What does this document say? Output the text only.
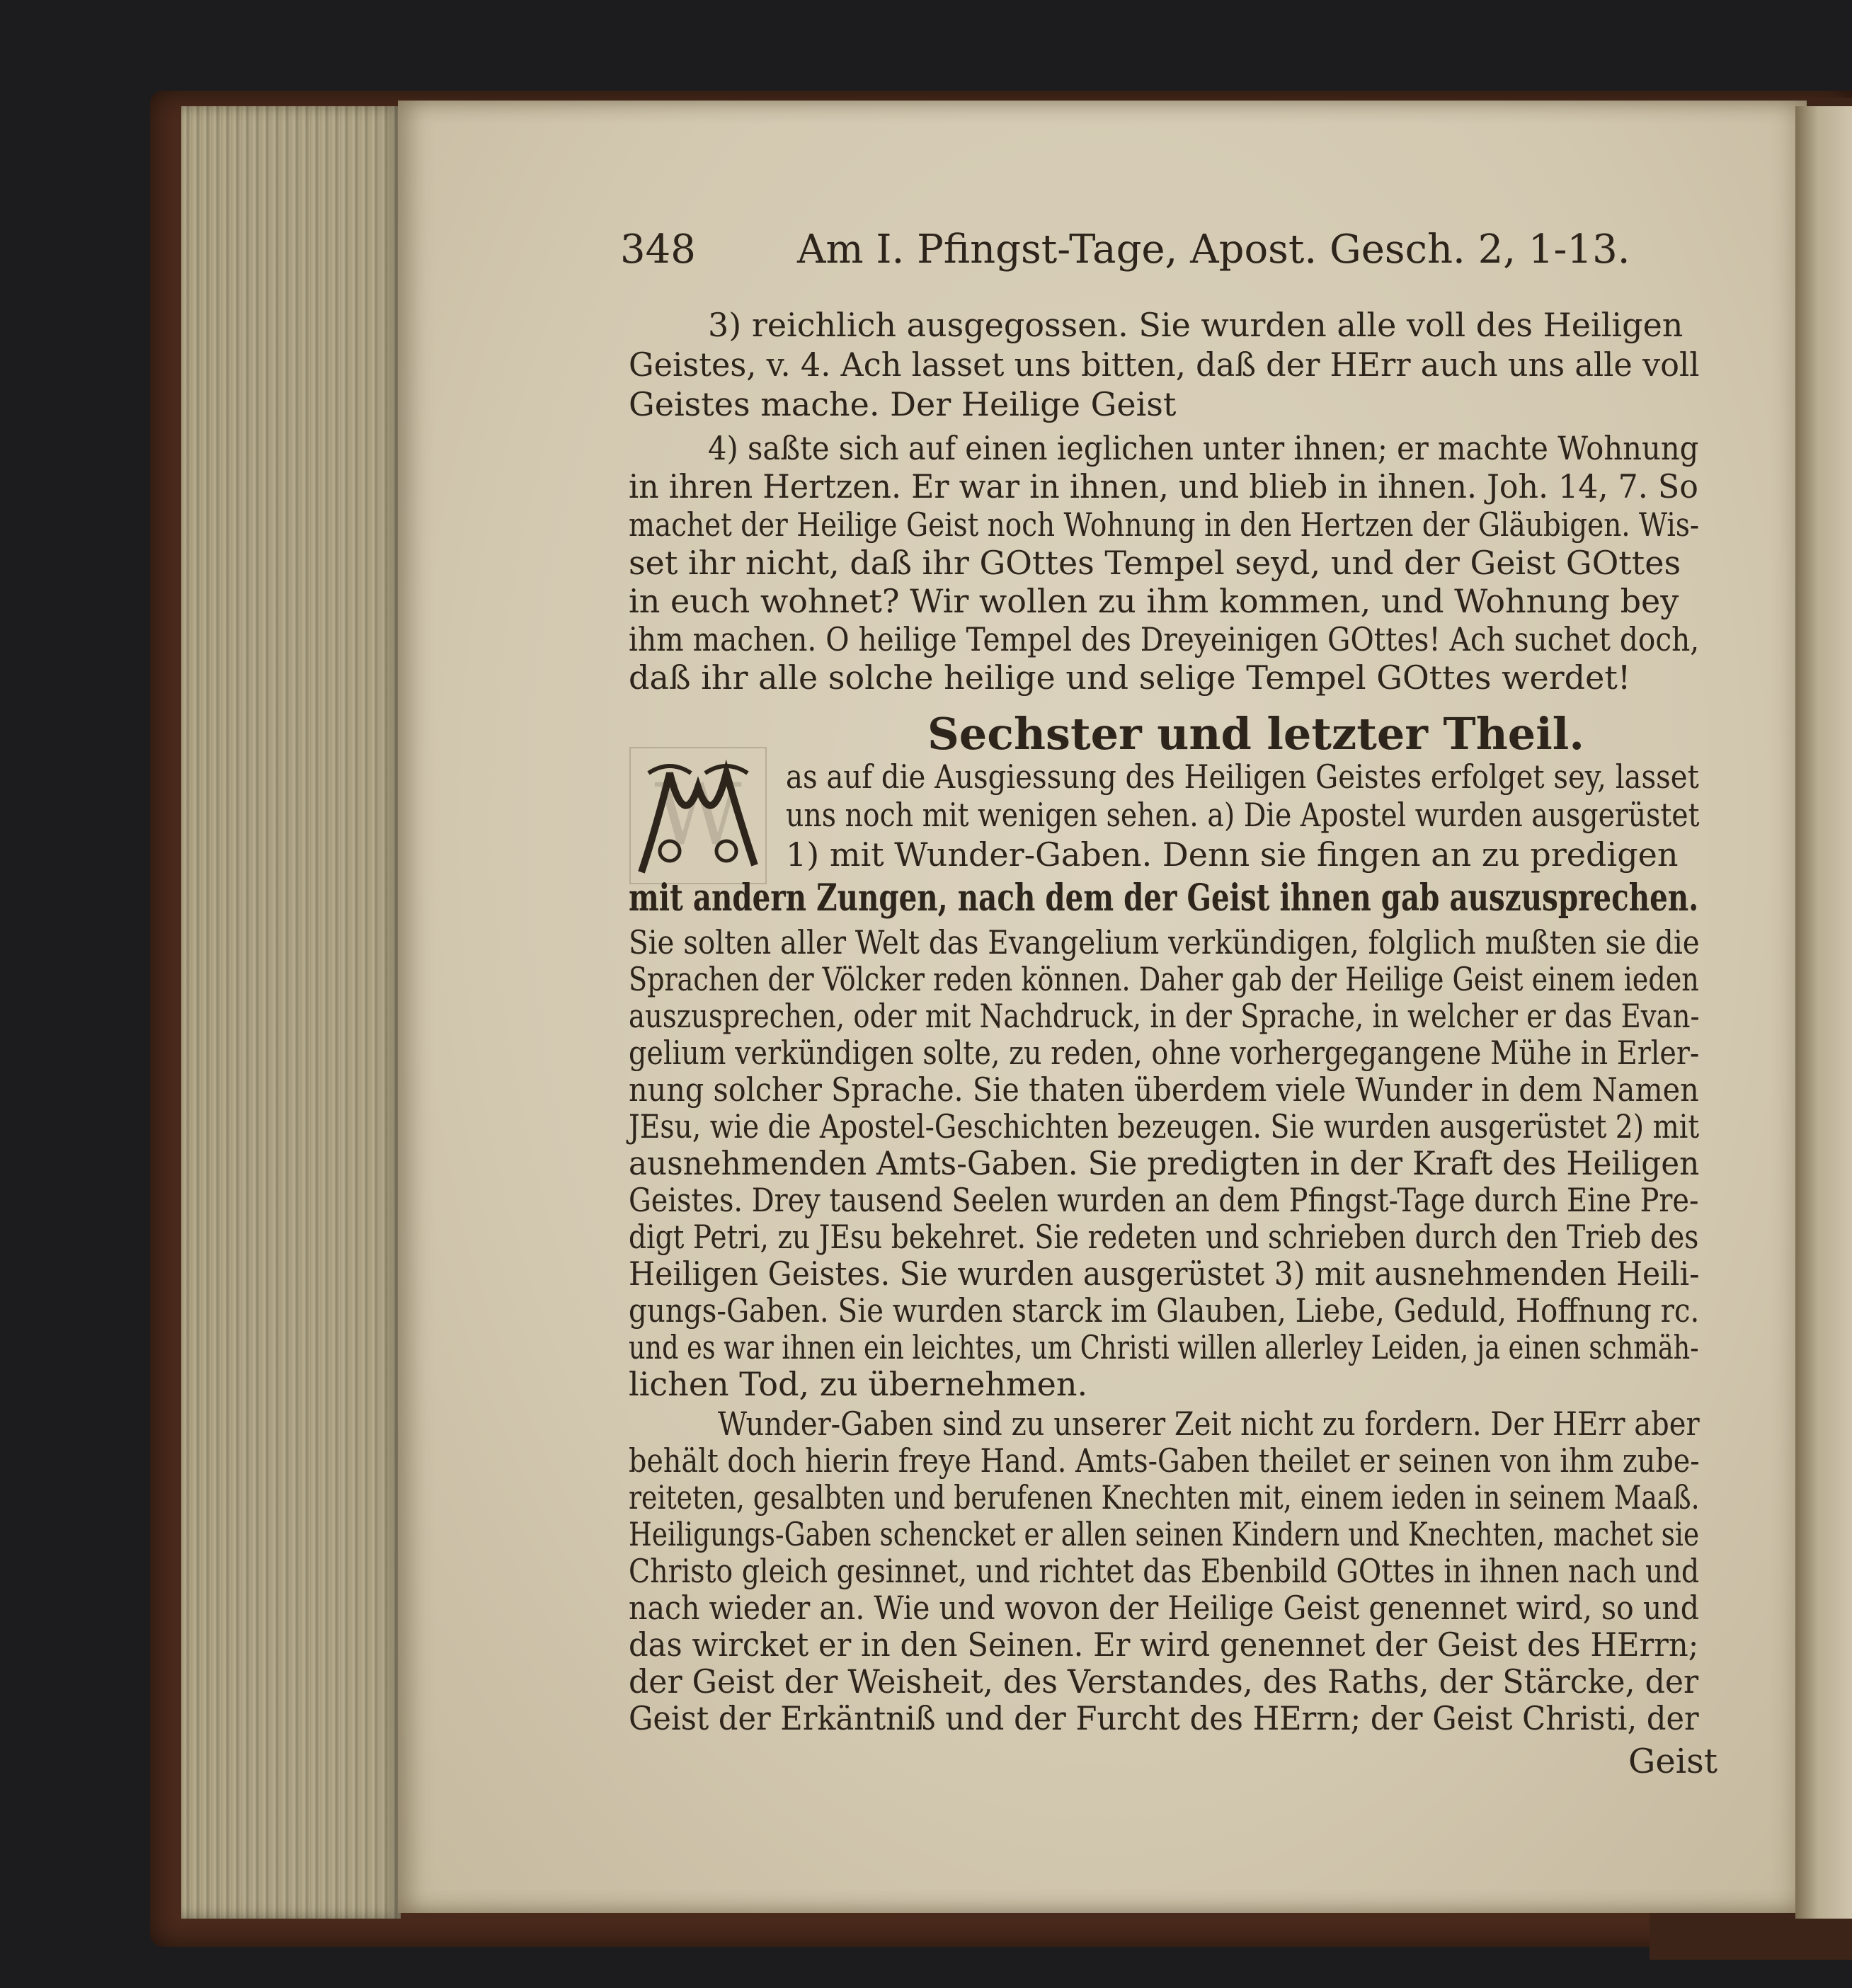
348	Am I. Pfingst-Tage, Apost. Gesch. 2, 1-13.
3) reichlich ausgegossen. Sie wurden alle voll des Heiligen
Geistes, v. 4. Ach lasset uns bitten, daß der HErr auch uns alle voll
Geistes mache. Der Heilige Geist
4) saßte sich auf einen ieglichen unter ihnen; er machte Wohnung
in ihren Hertzen. Er war in ihnen, und blieb in ihnen. Joh. 14, 7. So
machet der Heilige Geist noch Wohnung in den Hertzen der Gläubigen. Wis-
set ihr nicht, daß ihr GOttes Tempel seyd, und der Geist GOttes
in euch wohnet? Wir wollen zu ihm kommen, und Wohnung bey
ihm machen. O heilige Tempel des Dreyeinigen GOttes! Ach suchet doch,
daß ihr alle solche heilige und selige Tempel GOttes werdet!
Sechster und letzter Theil.
W as auf die Ausgiessung des Heiligen Geistes erfolget sey, lasset
uns noch mit wenigen sehen. a) Die Apostel wurden ausgerüstet
1) mit Wunder-Gaben. Denn sie fingen an zu predigen
mit andern Zungen, nach dem der Geist ihnen gab auszusprechen.
Sie solten aller Welt das Evangelium verkündigen, folglich mußten sie die
Sprachen der Völcker reden können. Daher gab der Heilige Geist einem ieden
auszusprechen, oder mit Nachdruck, in der Sprache, in welcher er das Evan-
gelium verkündigen solte, zu reden, ohne vorhergegangene Mühe in Erler-
nung solcher Sprache. Sie thaten überdem viele Wunder in dem Namen
JEsu, wie die Apostel-Geschichten bezeugen. Sie wurden ausgerüstet 2) mit
ausnehmenden Amts-Gaben. Sie predigten in der Kraft des Heiligen
Geistes. Drey tausend Seelen wurden an dem Pfingst-Tage durch Eine Pre-
digt Petri, zu JEsu bekehret. Sie redeten und schrieben durch den Trieb des
Heiligen Geistes. Sie wurden ausgerüstet 3) mit ausnehmenden Heili-
gungs-Gaben. Sie wurden starck im Glauben, Liebe, Geduld, Hoffnung rc.
und es war ihnen ein leichtes, um Christi willen allerley Leiden, ja einen schmäh-
lichen Tod, zu übernehmen.
Wunder-Gaben sind zu unserer Zeit nicht zu fordern. Der HErr aber
behält doch hierin freye Hand. Amts-Gaben theilet er seinen von ihm zube-
reiteten, gesalbten und berufenen Knechten mit, einem ieden in seinem Maaß.
Heiligungs-Gaben schencket er allen seinen Kindern und Knechten, machet sie
Christo gleich gesinnet, und richtet das Ebenbild GOttes in ihnen nach und
nach wieder an. Wie und wovon der Heilige Geist genennet wird, so und
das wircket er in den Seinen. Er wird genennet der Geist des HErrn;
der Geist der Weisheit, des Verstandes, des Raths, der Stärcke, der
Geist der Erkäntniß und der Furcht des HErrn; der Geist Christi, der
Geist
